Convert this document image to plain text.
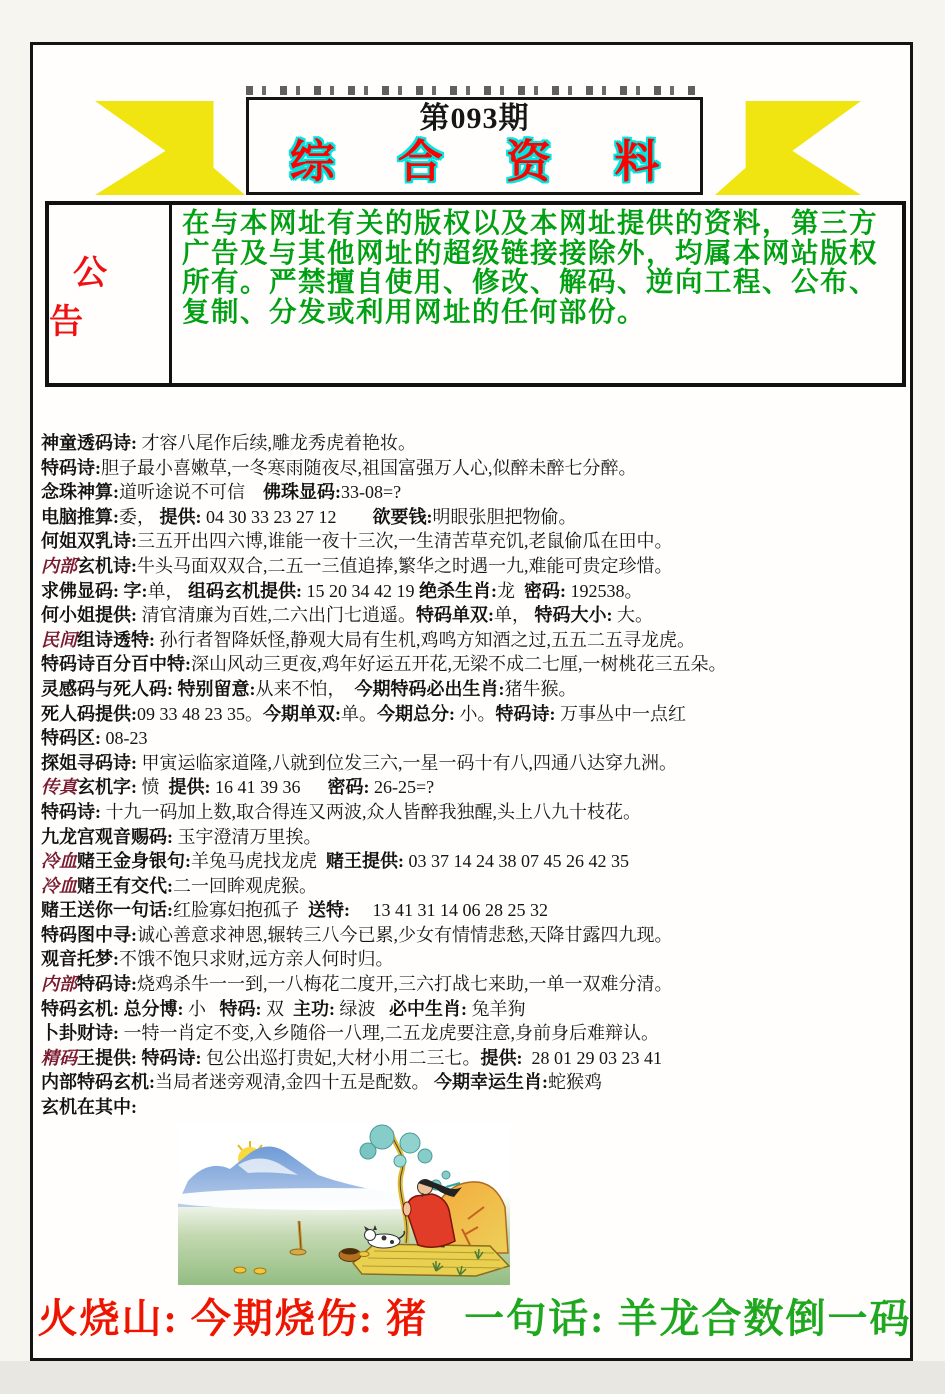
第093期
综 合 资 料
公 告
在与本网址有关的版权以及本网址提供的资料，第三方广告及与其他网址的超级链接接除外，均属本网站版权所有。严禁擅自使用、修改、解码、逆向工程、公布、复制、分发或利用网址的任何部份。
神童透码诗: 才容八尾作后续,雕龙秀虎着艳妆。
特码诗:胆子最小喜嫩草,一冬寒雨随夜尽,祖国富强万人心,似醉未醉七分醉。
念珠神算:道听途说不可信    佛珠显码:33-08=?
电脑推算:委， 提供: 04 30 33 23 27 12        欲要钱:明眼张胆把物偷。
何姐双乳诗:三五开出四六博,谁能一夜十三次,一生清苦草充饥,老鼠偷瓜在田中。
内部玄机诗:牛头马面双双合,二五一三值追捧,繁华之时遇一九,难能可贵定珍惜。
求佛显码: 字:单， 组码玄机提供: 15 20 34 42 19 绝杀生肖:龙  密码: 192538。
何小姐提供: 清官清廉为百姓,二六出门七逍遥。特码单双:单， 特码大小: 大。
民间组诗透特: 孙行者智降妖怪,静观大局有生机,鸡鸣方知酒之过,五五二五寻龙虎。
特码诗百分百中特:深山风动三更夜,鸡年好运五开花,无梁不成二七厘,一树桃花三五朵。
灵感码与死人码: 特别留意:从来不怕，  今期特码必出生肖:猪牛猴。
死人码提供:09 33 48 23 35。今期单双:单。今期总分: 小。特码诗: 万事丛中一点红
特码区: 08-23
探姐寻码诗: 甲寅运临家道隆,八就到位发三六,一星一码十有八,四通八达穿九洲。
传真玄机字: 愤  提供: 16 41 39 36      密码: 26-25=?
特码诗: 十九一码加上数,取合得连又两波,众人皆醉我独醒,头上八九十枝花。
九龙宫观音赐码: 玉宇澄清万里挨。
冷血赌王金身银句:羊兔马虎找龙虎  赌王提供: 03 37 14 24 38 07 45 26 42 35
冷血赌王有交代:二一回眸观虎猴。
赌王送你一句话:红脸寡妇抱孤子  送特:     13 41 31 14 06 28 25 32
特码图中寻:诚心善意求神恩,辗转三八今已累,少女有情情悲愁,天降甘露四九现。
观音托梦:不饿不饱只求财,远方亲人何时归。
内部特码诗:烧鸡杀牛一一到,一八梅花二度开,三六打战七来助,一单一双难分清。
特码玄机: 总分博: 小   特码: 双  主功: 绿波   必中生肖: 兔羊狗
卜卦财诗: 一特一肖定不变,入乡随俗一八理,二五龙虎要注意,身前身后难辩认。
精码王提供: 特码诗: 包公出巡打贵妃,大材小用二三七。提供:  28 01 29 03 23 41
内部特码玄机:当局者迷旁观清,金四十五是配数。 今期幸运生肖:蛇猴鸡
玄机在其中:
火烧山: 今期烧伤: 猪 一句话: 羊龙合数倒一码
